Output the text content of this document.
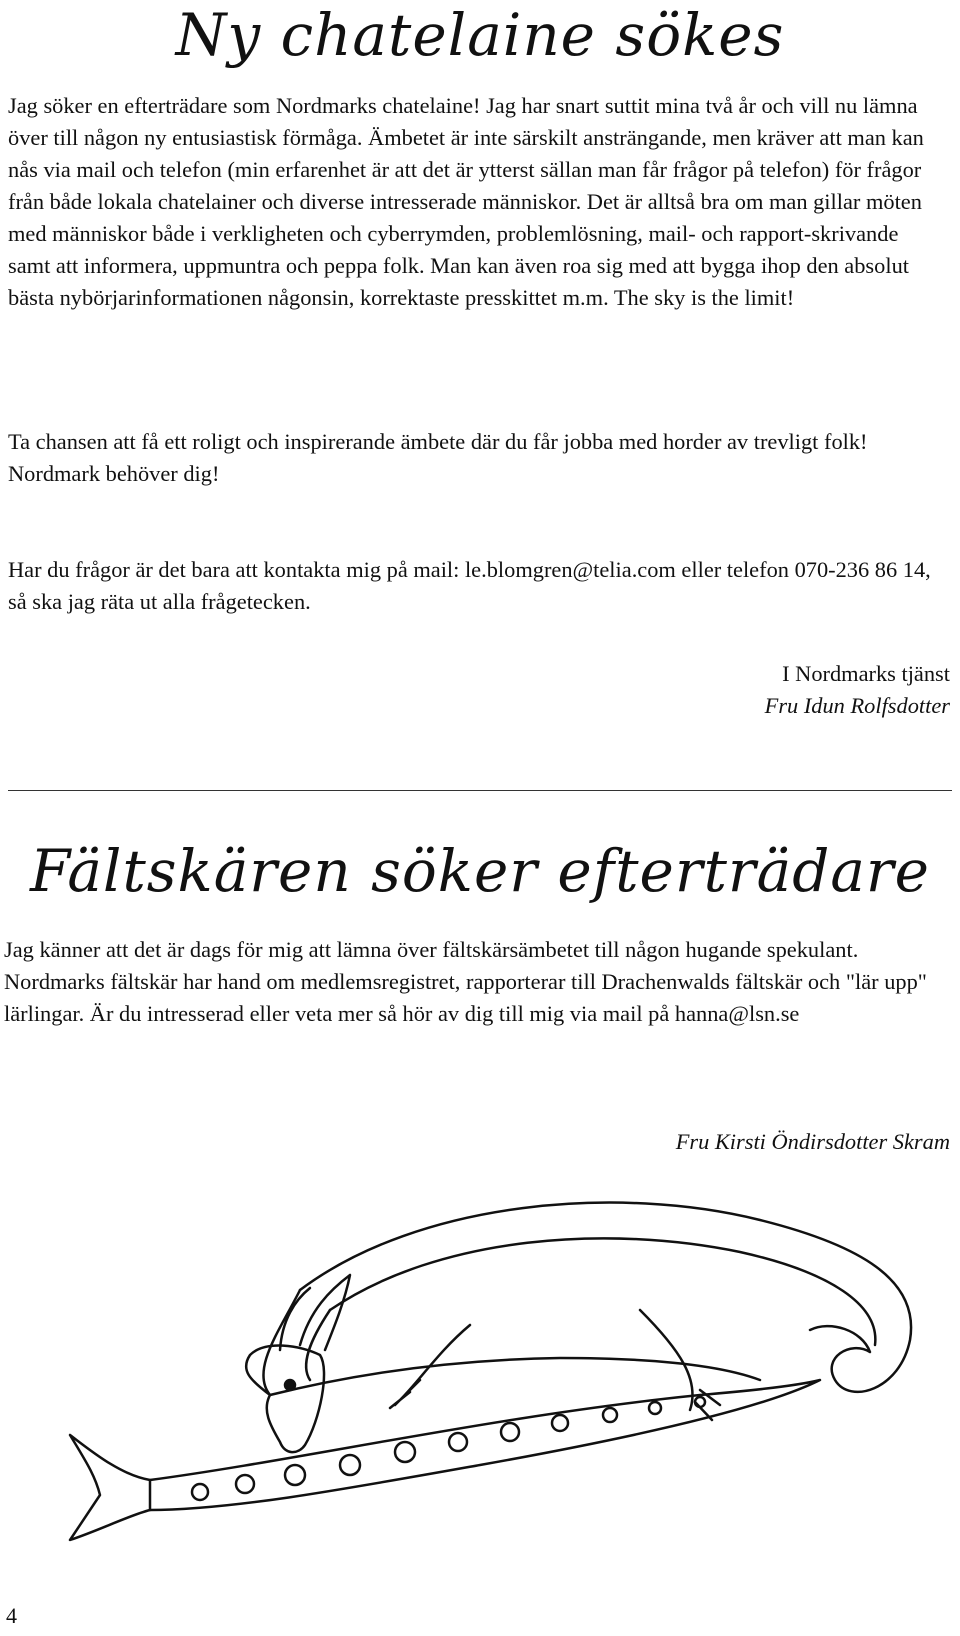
Ny chatelaine sökes

Jag söker en efterträdare som Nordmarks chatelaine! Jag har snart suttit mina två år och vill nu lämna över till någon ny entusiastisk förmåga. Ämbetet är inte särskilt ansträngande, men kräver att man kan nås via mail och telefon (min erfarenhet är att det är ytterst sällan man får frågor på telefon) för frågor från både lokala chatelainer och diverse intresserade människor. Det är alltså bra om man gillar möten med människor både i verkligheten och cyberrymden, problemlösning, mail- och rapport-skrivande samt att informera, uppmuntra och peppa folk. Man kan även roa sig med att bygga ihop den absolut bästa nybörjarinformationen någonsin, korrektaste presskittet m.m. The sky is the limit!

Ta chansen att få ett roligt och inspirerande ämbete där du får jobba med horder av trevligt folk! Nordmark behöver dig!

Har du frågor är det bara att kontakta mig på mail: le.blomgren@telia.com eller telefon 070-236 86 14, så ska jag räta ut alla frågetecken.

I Nordmarks tjänst

Fru Idun Rolfsdotter

Fältskären söker efterträdare

Jag känner att det är dags för mig att lämna över fältskärsämbetet till någon hugande spekulant. Nordmarks fältskär har hand om medlemsregistret, rapporterar till Drachenwalds fältskär och "lär upp" lärlingar. Är du intresserad eller veta mer så hör av dig till mig via mail på hanna@lsn.se

Fru Kirsti Öndirsdotter Skram

4
